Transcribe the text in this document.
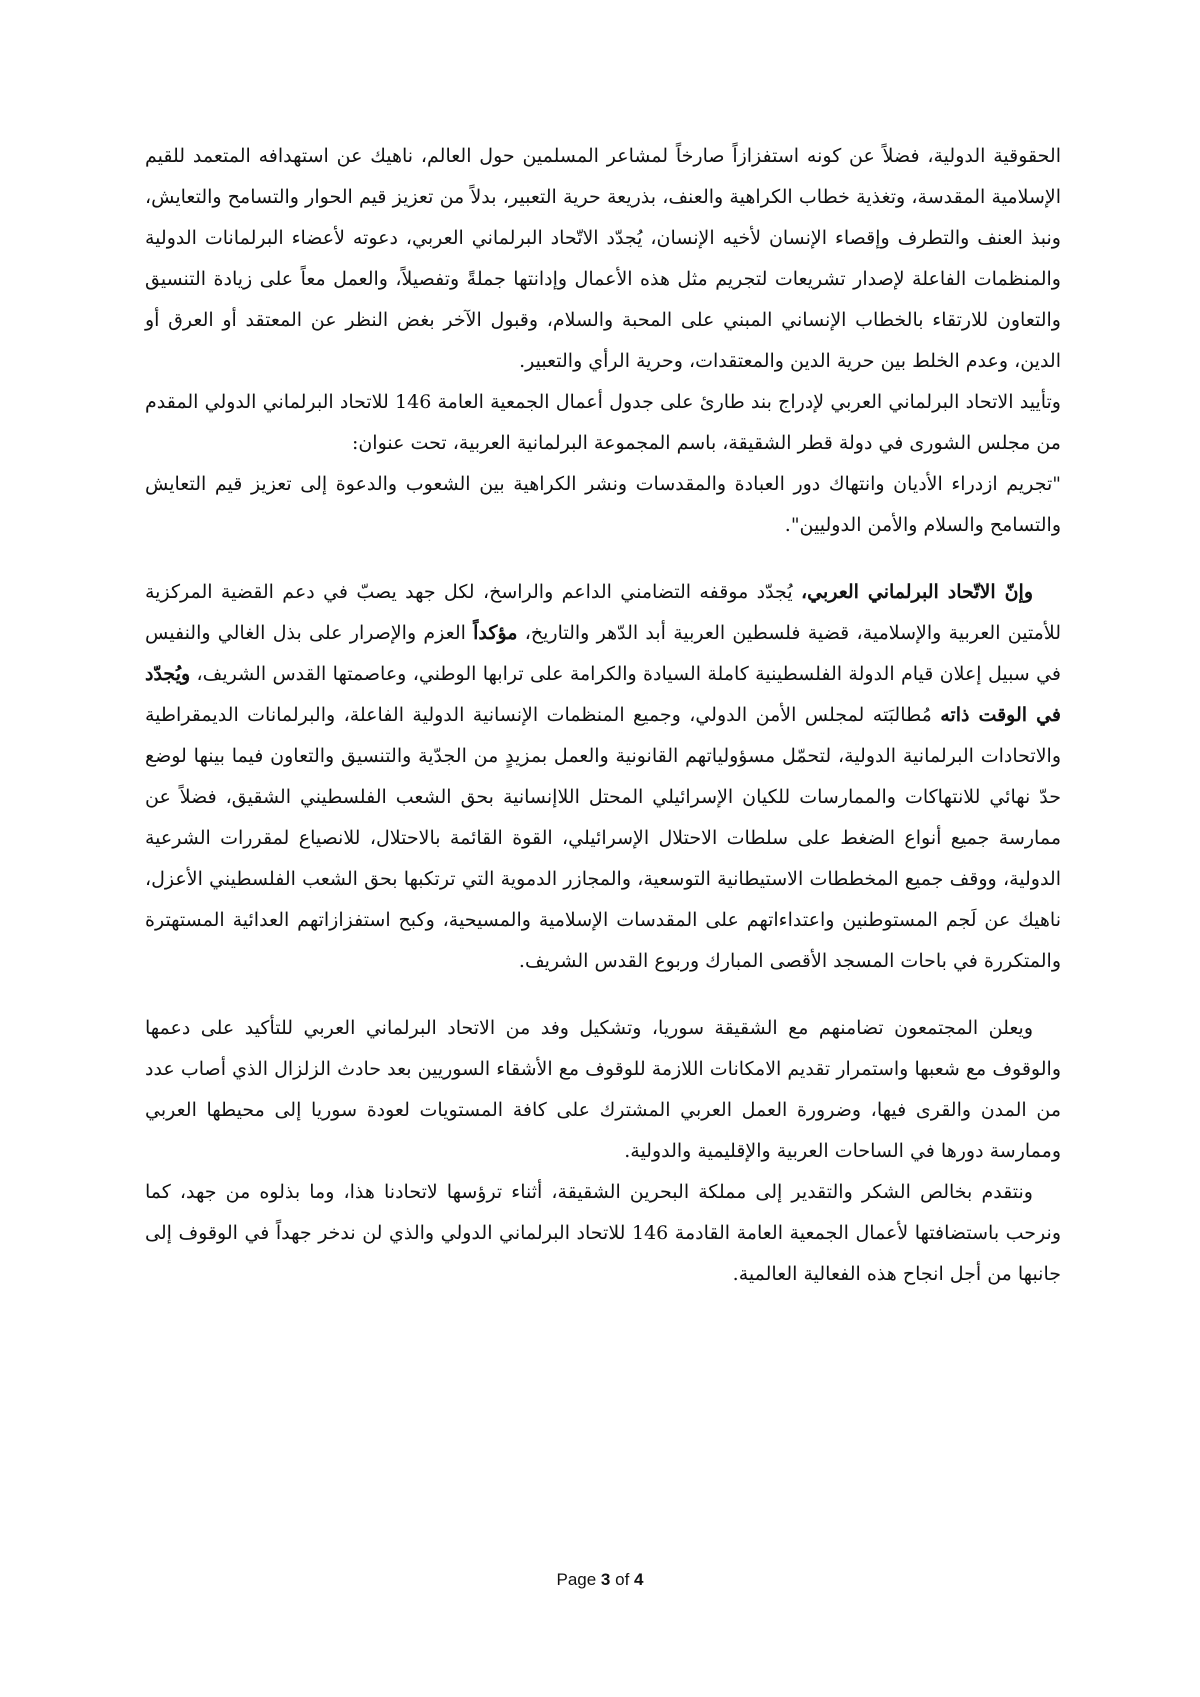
الحقوقية الدولية، فضلاً عن كونه استفزازاً صارخاً لمشاعر المسلمين حول العالم، ناهيك عن استهدافه المتعمد للقيم الإسلامية المقدسة، وتغذية خطاب الكراهية والعنف، بذريعة حرية التعبير، بدلاً من تعزيز قيم الحوار والتسامح والتعايش، ونبذ العنف والتطرف وإقصاء الإنسان لأخيه الإنسان، يُجدّد الاتّحاد البرلماني العربي، دعوته لأعضاء البرلمانات الدولية والمنظمات الفاعلة لإصدار تشريعات لتجريم مثل هذه الأعمال وإدانتها جملةً وتفصيلاً، والعمل معاً على زيادة التنسيق والتعاون للارتقاء بالخطاب الإنساني المبني على المحبة والسلام، وقبول الآخر بغض النظر عن المعتقد أو العرق أو الدين، وعدم الخلط بين حرية الدين والمعتقدات، وحرية الرأي والتعبير.

وتأييد الاتحاد البرلماني العربي لإدراج بند طارئ على جدول أعمال الجمعية العامة 146 للاتحاد البرلماني الدولي المقدم من مجلس الشورى في دولة قطر الشقيقة، باسم المجموعة البرلمانية العربية، تحت عنوان:

"تجريم ازدراء الأديان وانتهاك دور العبادة والمقدسات ونشر الكراهية بين الشعوب والدعوة إلى تعزيز قيم التعايش والتسامح والسلام والأمن الدوليين".

وإنّ الاتّحاد البرلماني العربي، يُجدّد موقفه التضامني الداعم والراسخ، لكل جهد يصبّ في دعم القضية المركزية للأمتين العربية والإسلامية، قضية فلسطين العربية أبد الدّهر والتاريخ، مؤكداً العزم والإصرار على بذل الغالي والنفيس في سبيل إعلان قيام الدولة الفلسطينية كاملة السيادة والكرامة على ترابها الوطني، وعاصمتها القدس الشريف، ويُجدّد في الوقت ذاته مُطالبَته لمجلس الأمن الدولي، وجميع المنظمات الإنسانية الدولية الفاعلة، والبرلمانات الديمقراطية والاتحادات البرلمانية الدولية، لتحمّل مسؤولياتهم القانونية والعمل بمزيدٍ من الجدّية والتنسيق والتعاون فيما بينها لوضع حدّ نهائي للانتهاكات والممارسات للكيان الإسرائيلي المحتل اللاإنسانية بحق الشعب الفلسطيني الشقيق، فضلاً عن ممارسة جميع أنواع الضغط على سلطات الاحتلال الإسرائيلي، القوة القائمة بالاحتلال، للانصياع لمقررات الشرعية الدولية، ووقف جميع المخططات الاستيطانية التوسعية، والمجازر الدموية التي ترتكبها بحق الشعب الفلسطيني الأعزل، ناهيك عن لَجم المستوطنين واعتداءاتهم على المقدسات الإسلامية والمسيحية، وكبح استفزازاتهم العدائية المستهترة والمتكررة في باحات المسجد الأقصى المبارك وربوع القدس الشريف.

ويعلن المجتمعون تضامنهم مع الشقيقة سوريا، وتشكيل وفد من الاتحاد البرلماني العربي للتأكيد على دعمها والوقوف مع شعبها واستمرار تقديم الامكانات اللازمة للوقوف مع الأشقاء السوريين بعد حادث الزلزال الذي أصاب عدد من المدن والقرى فيها، وضرورة العمل العربي المشترك على كافة المستويات لعودة سوريا إلى محيطها العربي وممارسة دورها في الساحات العربية والإقليمية والدولية.

ونتقدم بخالص الشكر والتقدير إلى مملكة البحرين الشقيقة، أثناء ترؤسها لاتحادنا هذا، وما بذلوه من جهد، كما ونرحب باستضافتها لأعمال الجمعية العامة القادمة 146 للاتحاد البرلماني الدولي والذي لن ندخر جهداً في الوقوف إلى جانبها من أجل انجاح هذه الفعالية العالمية.

Page 3 of 4
